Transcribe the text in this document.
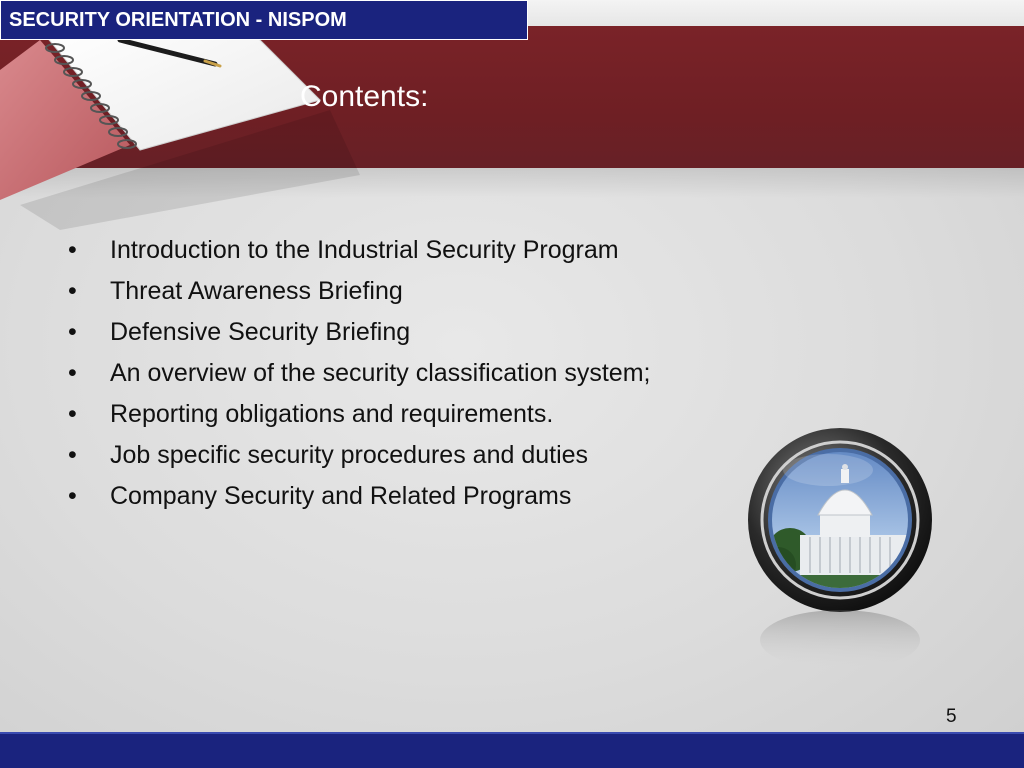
SECURITY ORIENTATION - NISPOM
Contents:
• Introduction to the Industrial Security Program
• Threat Awareness Briefing
• Defensive Security Briefing
• An overview of the security classification system;
• Reporting obligations and requirements.
• Job specific security procedures and duties
• Company Security and Related Programs
5
